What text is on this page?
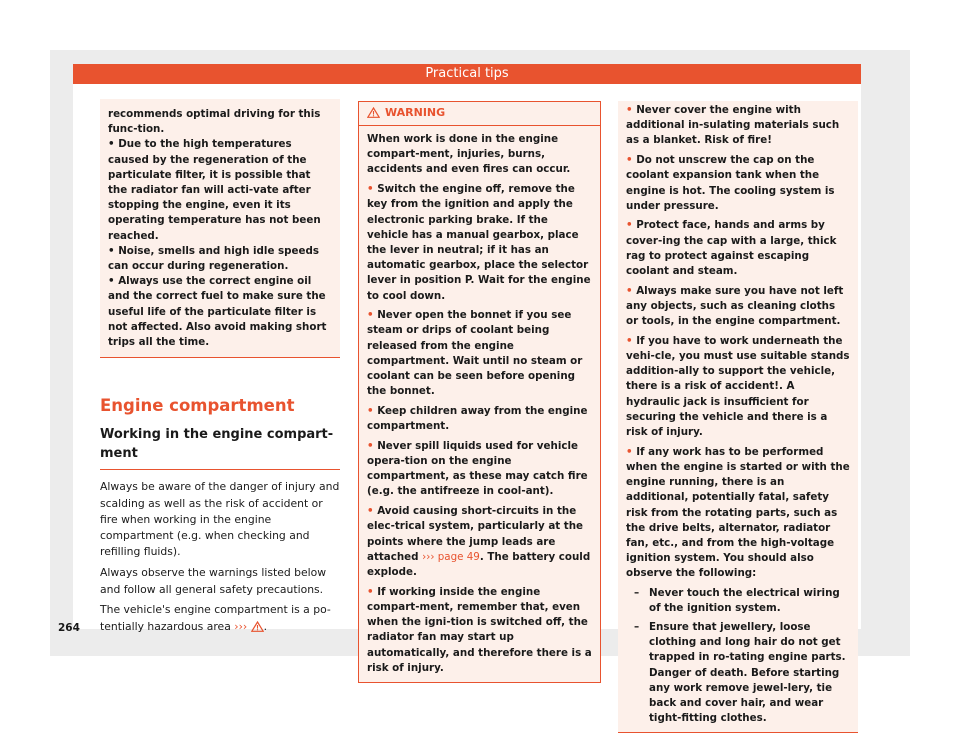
Practical tips

recommends optimal driving for this func-tion.

• Due to the high temperatures caused by the regeneration of the particulate filter, it is possible that the radiator fan will acti-vate after stopping the engine, even it its operating temperature has not been reached.

• Noise, smells and high idle speeds can occur during regeneration.

• Always use the correct engine oil and the correct fuel to make sure the useful life of the particulate filter is not affected. Also avoid making short trips all the time.

Engine compartment
Working in the engine compart-ment

Always be aware of the danger of injury and scalding as well as the risk of accident or fire when working in the engine compartment (e.g. when checking and refilling fluids).

Always observe the warnings listed below and follow all general safety precautions.

The vehicle's engine compartment is a po-tentially hazardous area ››› .

WARNING

When work is done in the engine compart-ment, injuries, burns, accidents and even fires can occur.

• Switch the engine off, remove the key from the ignition and apply the electronic parking brake. If the vehicle has a manual gearbox, place the lever in neutral; if it has an automatic gearbox, place the selector lever in position P. Wait for the engine to cool down.

• Never open the bonnet if you see steam or drips of coolant being released from the engine compartment. Wait until no steam or coolant can be seen before opening the bonnet.

• Keep children away from the engine compartment.

• Never spill liquids used for vehicle opera-tion on the engine compartment, as these may catch fire (e.g. the antifreeze in cool-ant).

• Avoid causing short-circuits in the elec-trical system, particularly at the points where the jump leads are attached ››› page 49. The battery could explode.

• If working inside the engine compart-ment, remember that, even when the igni-tion is switched off, the radiator fan may start up automatically, and therefore there is a risk of injury.

• Never cover the engine with additional in-sulating materials such as a blanket. Risk of fire!

• Do not unscrew the cap on the coolant expansion tank when the engine is hot. The cooling system is under pressure.

• Protect face, hands and arms by cover-ing the cap with a large, thick rag to protect against escaping coolant and steam.

• Always make sure you have not left any objects, such as cleaning cloths or tools, in the engine compartment.

• If you have to work underneath the vehi-cle, you must use suitable stands addition-ally to support the vehicle, there is a risk of accident!. A hydraulic jack is insufficient for securing the vehicle and there is a risk of injury.

• If any work has to be performed when the engine is started or with the engine running, there is an additional, potentially fatal, safety risk from the rotating parts, such as the drive belts, alternator, radiator fan, etc., and from the high-voltage ignition system. You should also observe the following:

– Never touch the electrical wiring of the ignition system.
– Ensure that jewellery, loose clothing and long hair do not get trapped in ro-tating engine parts. Danger of death. Before starting any work remove jewel-lery, tie back and cover hair, and wear tight-fitting clothes.
264
